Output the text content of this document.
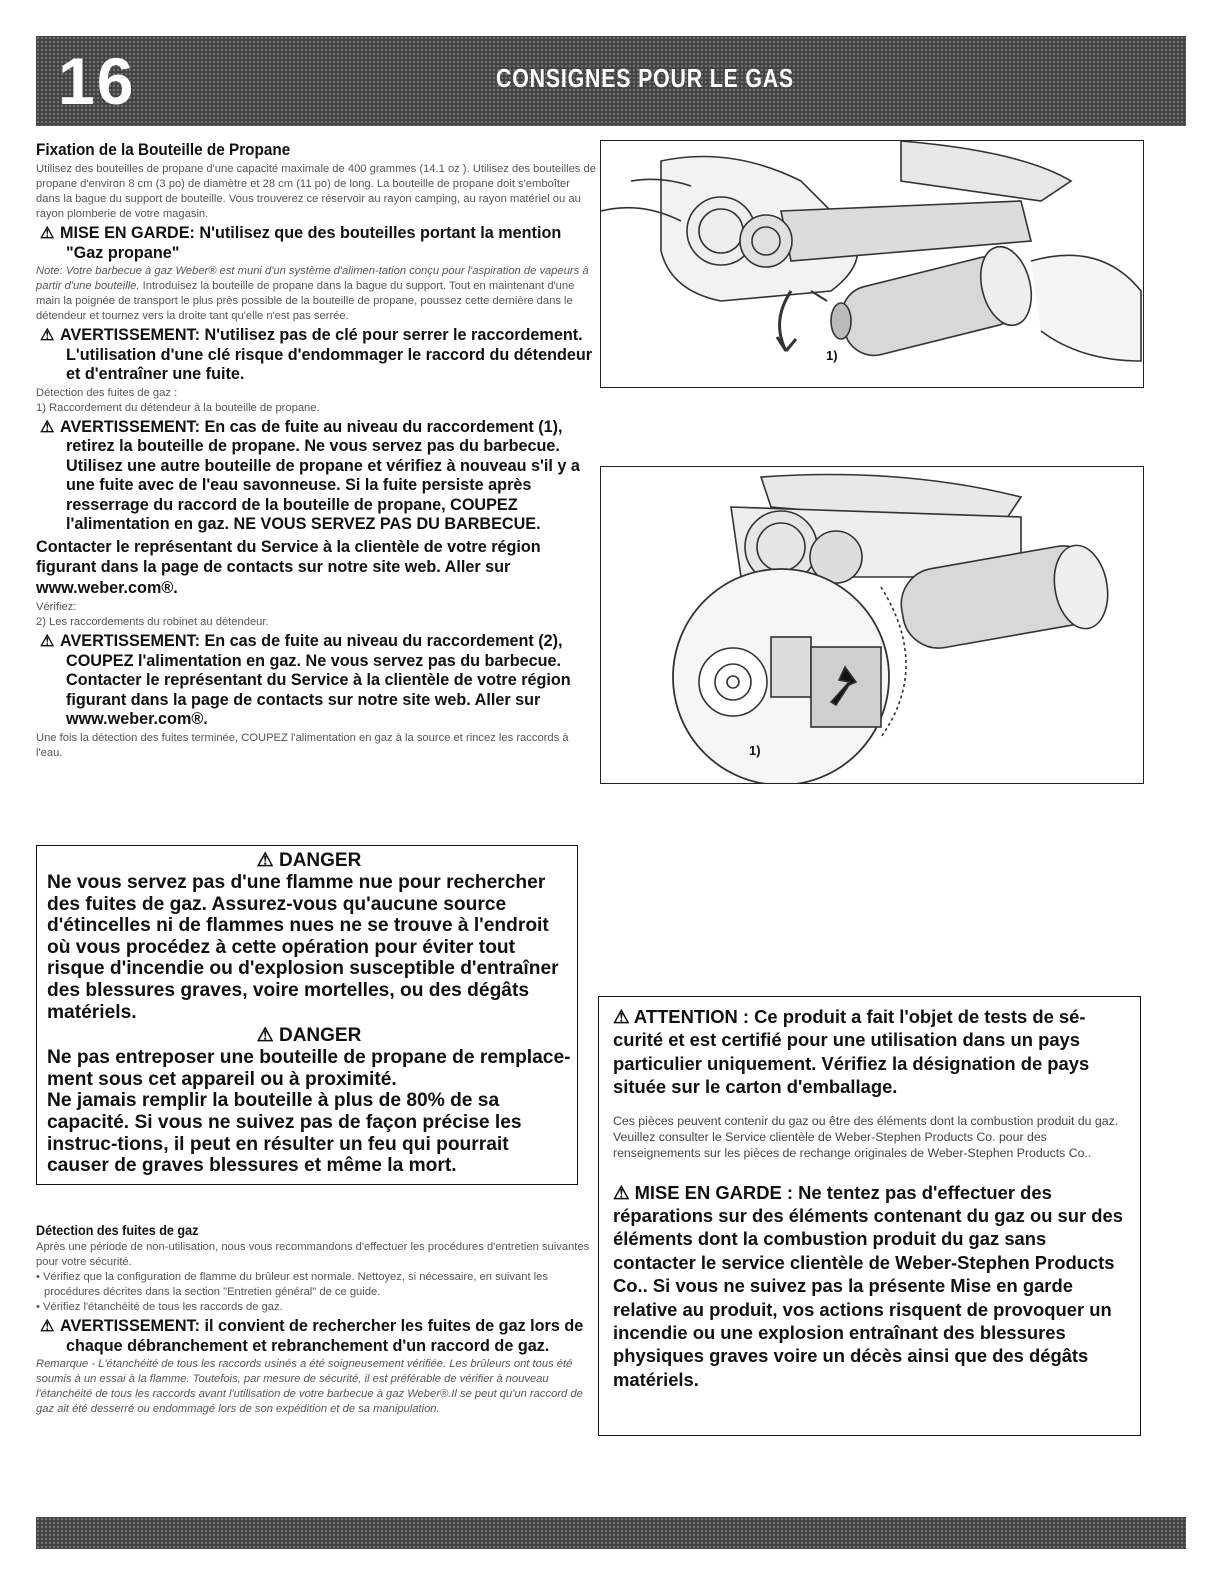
16	CONSIGNES POUR LE GAS
Fixation de la Bouteille de Propane

Utilisez des bouteilles de propane d'une capacité maximale de 400 grammes (14.1 oz ). Utilisez des bouteilles de propane d'environ 8 cm (3 po) de diamètre et 28 cm (11 po) de long. La bouteille de propane doit s'emboîter dans la bague du support de bouteille. Vous trouverez ce réservoir au rayon camping, au rayon matériel ou au rayon plomberie de votre magasin.

⚠ MISE EN GARDE: N'utilisez que des bouteilles portant la mention "Gaz propane"

Note: Votre barbecue à gaz Weber® est muni d'un système d'alimen-tation conçu pour l'aspiration de vapeurs à partir d'une bouteille. Introduisez la bouteille de propane dans la bague du support. Tout en maintenant d'une main la poignée de transport le plus près possible de la bouteille de propane, poussez cette dernière dans le détendeur et tournez vers la droite tant qu'elle n'est pas serrée.

⚠ AVERTISSEMENT: N'utilisez pas de clé pour serrer le raccordement. L'utilisation d'une clé risque d'endommager le raccord du détendeur et d'entraîner une fuite.

Détection des fuites de gaz :

1) Raccordement du détendeur à la bouteille de propane.

⚠ AVERTISSEMENT: En cas de fuite au niveau du raccordement (1), retirez la bouteille de propane. Ne vous servez pas du barbecue. Utilisez une autre bouteille de propane et vérifiez à nouveau s'il y a une fuite avec de l'eau savonneuse. Si la fuite persiste après resserrage du raccord de la bouteille de propane, COUPEZ l'alimentation en gaz. NE VOUS SERVEZ PAS DU BARBECUE.
Contacter le représentant du Service à la clientèle de votre région figurant dans la page de contacts sur notre site web. Aller sur www.weber.com®.

Vérifiez:

2) Les raccordements du robinet au détendeur.

⚠ AVERTISSEMENT: En cas de fuite au niveau du raccordement (2), COUPEZ l'alimentation en gaz. Ne vous servez pas du barbecue. Contacter le représentant du Service à la clientèle de votre région figurant dans la page de contacts sur notre site web. Aller sur www.weber.com®.

Une fois la détection des fuites terminée, COUPEZ l'alimentation en gaz à la source et rincez les raccords à l'eau.

⚠ DANGER

Ne vous servez pas d'une flamme nue pour rechercher des fuites de gaz. Assurez-vous qu'aucune source d'étincelles ni de flammes nues ne se trouve à l'endroit où vous procédez à cette opération pour éviter tout risque d'incendie ou d'explosion susceptible d'entraîner des blessures graves, voire mortelles, ou des dégâts matériels.

⚠ DANGER

Ne pas entreposer une bouteille de propane de remplace-ment sous cet appareil ou à proximité.

Ne jamais remplir la bouteille à plus de 80% de sa capacité. Si vous ne suivez pas de façon précise les instruc-tions, il peut en résulter un feu qui pourrait causer de graves blessures et même la mort.

Détection des fuites de gaz

Après une période de non-utilisation, nous vous recommandons d'effectuer les procédures d'entretien suivantes pour votre sécurité.

• Vérifiez que la configuration de flamme du brûleur est normale. Nettoyez, si nécessaire, en suivant les procédures décrites dans la section "Entretien général" de ce guide.

• Vérifiez l'étanchéité de tous les raccords de gaz.

⚠ AVERTISSEMENT: il convient de rechercher les fuites de gaz lors de chaque débranchement et rebranchement d'un raccord de gaz.

Remarque - L'étanchéité de tous les raccords usinés a été soigneusement vérifiée. Les brûleurs ont tous été soumis à un essai à la flamme. Toutefois, par mesure de sécurité, il est préférable de vérifier à nouveau l'étanchéité de tous les raccords avant l'utilisation de votre barbecue à gaz Weber®.Il se peut qu'un raccord de gaz ait été desserré ou endommagé lors de son expédition et de sa manipulation.

1)
1)

⚠ ATTENTION : Ce produit a fait l'objet de tests de sé-curité et est certifié pour une utilisation dans un pays particulier uniquement. Vérifiez la désignation de pays située sur le carton d'emballage.

Ces pièces peuvent contenir du gaz ou être des éléments dont la combustion produit du gaz. Veuillez consulter le Service clientèle de Weber-Stephen Products Co. pour des renseignements sur les pièces de rechange originales de Weber-Stephen Products Co..

⚠ MISE EN GARDE : Ne tentez pas d'effectuer des réparations sur des éléments contenant du gaz ou sur des éléments dont la combustion produit du gaz sans contacter le service clientèle de Weber-Stephen Products Co.. Si vous ne suivez pas la présente Mise en garde relative au produit, vos actions risquent de provoquer un incendie ou une explosion entraînant des blessures physiques graves voire un décès ainsi que des dégâts matériels.
